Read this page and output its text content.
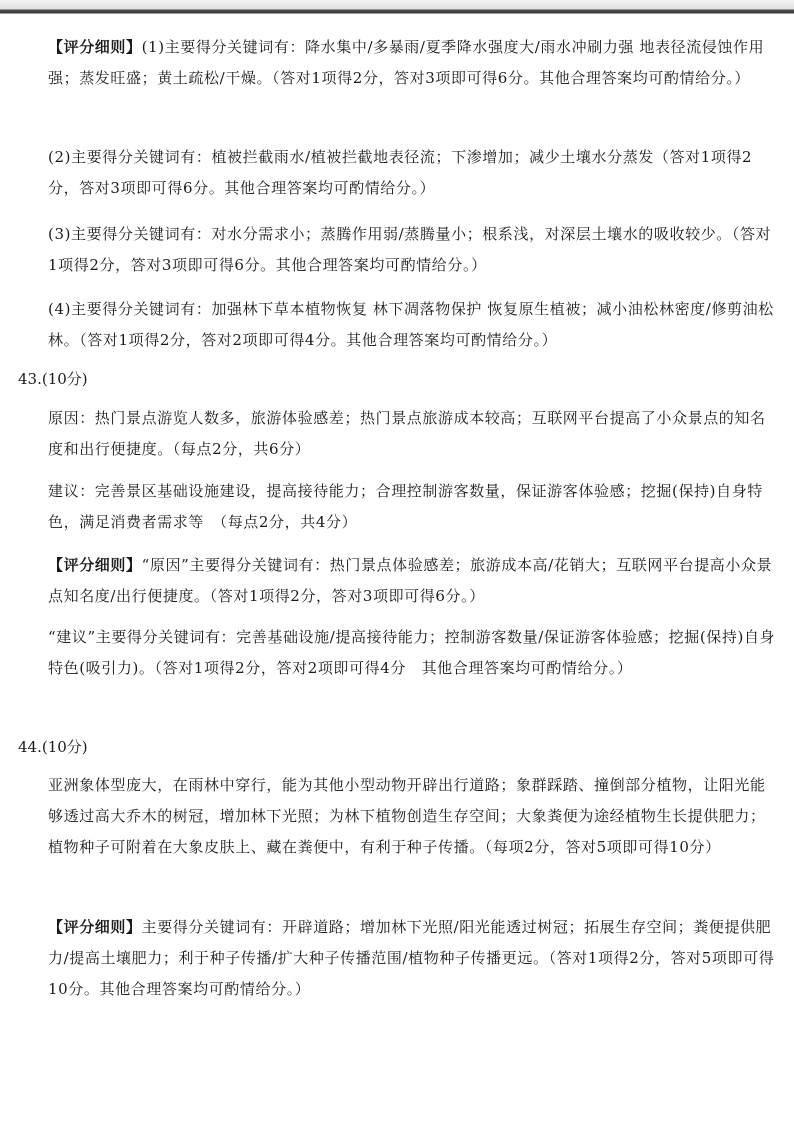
【评分细则】(1)主要得分关键词有：降水集中/多暴雨/夏季降水强度大/雨水冲刷力强 地表径流侵蚀作用强；蒸发旺盛；黄土疏松/干燥。（答对1项得2分，答对3项即可得6分。其他合理答案均可酌情给分。）
(2)主要得分关键词有：植被拦截雨水/植被拦截地表径流；下渗增加；减少土壤水分蒸发（答对1项得2分，答对3项即可得6分。其他合理答案均可酌情给分。）
(3)主要得分关键词有：对水分需求小；蒸腾作用弱/蒸腾量小；根系浅，对深层土壤水的吸收较少。（答对1项得2分，答对3项即可得6分。其他合理答案均可酌情给分。）
(4)主要得分关键词有：加强林下草本植物恢复 林下凋落物保护 恢复原生植被；减小油松林密度/修剪油松林。（答对1项得2分，答对2项即可得4分。其他合理答案均可酌情给分。）
43.(10分)
原因：热门景点游览人数多，旅游体验感差；热门景点旅游成本较高；互联网平台提高了小众景点的知名度和出行便捷度。（每点2分，共6分）
建议：完善景区基础设施建设，提高接待能力；合理控制游客数量，保证游客体验感；挖掘(保持)自身特色，满足消费者需求等　（每点2分，共4分）
【评分细则】“原因”主要得分关键词有：热门景点体验感差；旅游成本高/花销大；互联网平台提高小众景点知名度/出行便捷度。（答对1项得2分，答对3项即可得6分。）
“建议”主要得分关键词有：完善基础设施/提高接待能力；控制游客数量/保证游客体验感；挖掘(保持)自身特色(吸引力)。（答对1项得2分，答对2项即可得4分　其他合理答案均可酌情给分。）
44.(10分)
亚洲象体型庞大，在雨林中穿行，能为其他小型动物开辟出行道路；象群踩踏、撞倒部分植物，让阳光能够透过高大乔木的树冠，增加林下光照；为林下植物创造生存空间；大象粪便为途经植物生长提供肥力；植物种子可附着在大象皮肤上、藏在粪便中，有利于种子传播。（每项2分，答对5项即可得10分）
【评分细则】主要得分关键词有：开辟道路；增加林下光照/阳光能透过树冠；拓展生存空间；粪便提供肥力/提高土壤肥力；利于种子传播/扩大种子传播范围/植物种子传播更远。（答对1项得2分，答对5项即可得10分。其他合理答案均可酌情给分。）
